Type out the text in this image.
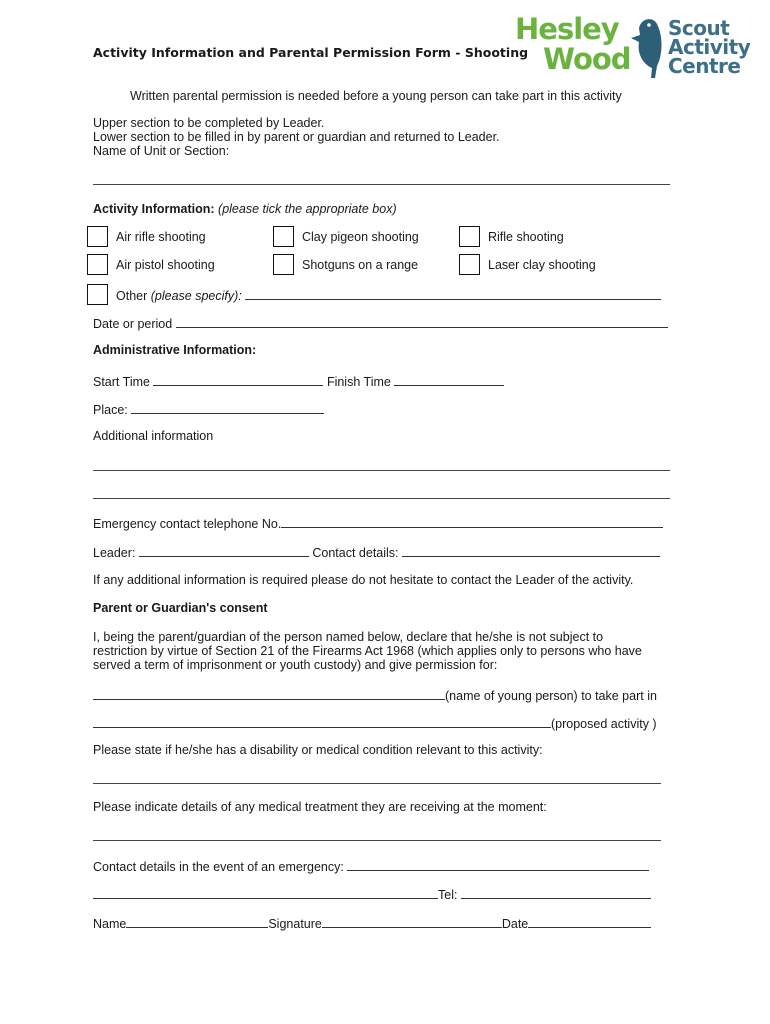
Hesley
Wood
Scout
Activity
Centre
Activity Information and Parental Permission Form - Shooting
Written parental permission is needed before a young person can take part in this activity
Upper section to be completed by Leader.
Lower section to be filled in by parent or guardian and returned to Leader.
Name of Unit or Section:
Activity Information: (please tick the appropriate box)
Air rifle shooting	Clay pigeon shooting	Rifle shooting
Air pistol shooting	Shotguns on a range	Laser clay shooting
Other (please specify):
Date or period
Administrative Information:
Start Time	Finish Time
Place:
Additional information
Emergency contact telephone No.
Leader:	Contact details:
If any additional information is required please do not hesitate to contact the Leader of the activity.
Parent or Guardian's consent
I, being the parent/guardian of the person named below, declare that he/she is not subject to
restriction by virtue of Section 21 of the Firearms Act 1968 (which applies only to persons who have
served a term of imprisonment or youth custody) and give permission for:
(name of young person) to take part in
(proposed activity )
Please state if he/she has a disability or medical condition relevant to this activity:
Please indicate details of any medical treatment they are receiving at the moment:
Contact details in the event of an emergency:
Tel:
Name	Signature	Date
